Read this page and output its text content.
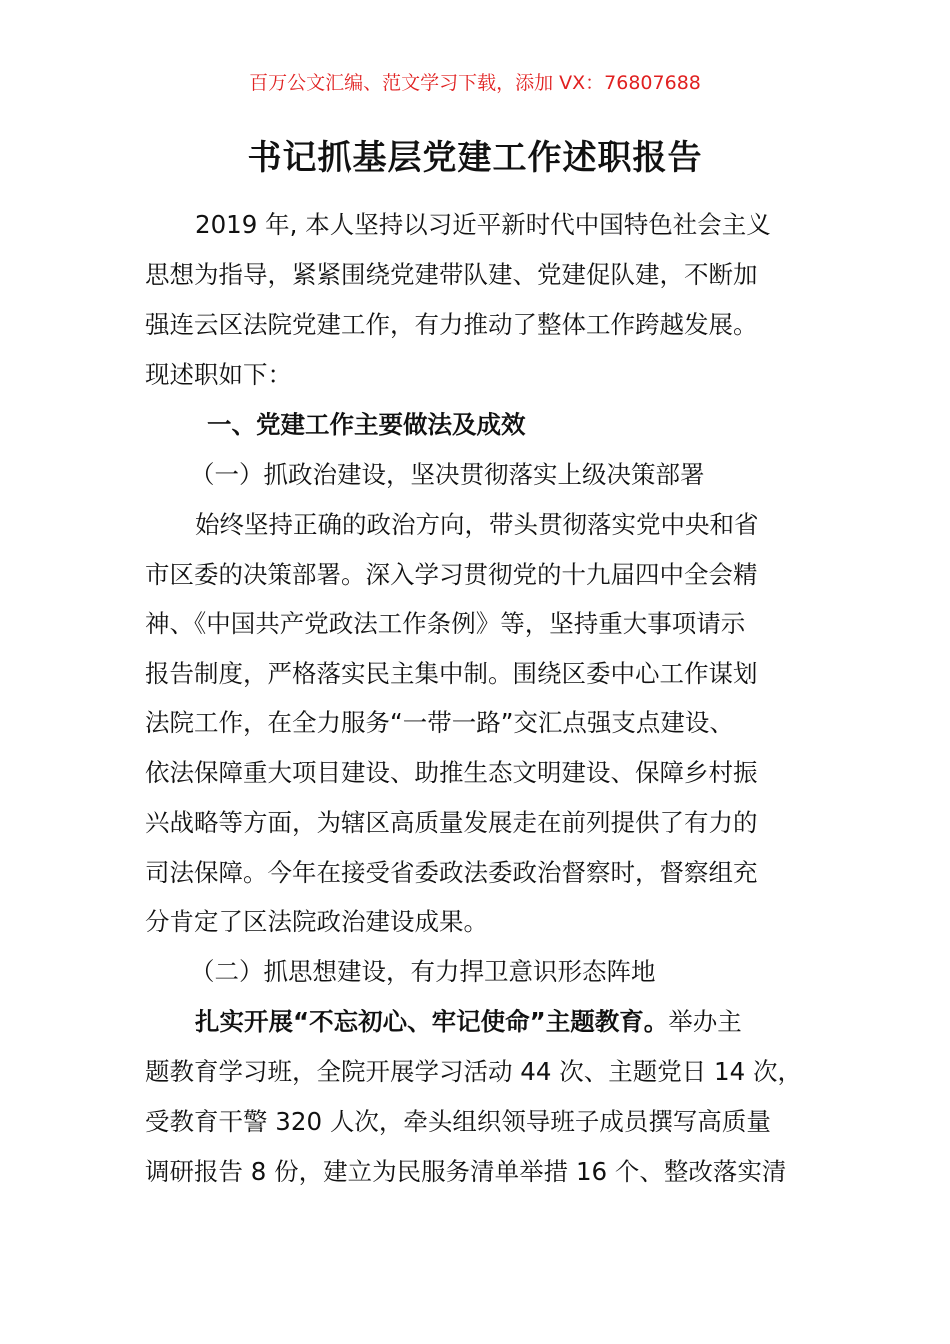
百万公文汇编、范文学习下载，添加 VX：76807688
书记抓基层党建工作述职报告
2019 年, 本人坚持以习近平新时代中国特色社会主义
思想为指导，紧紧围绕党建带队建、党建促队建，不断加
强连云区法院党建工作，有力推动了整体工作跨越发展。
现述职如下：
一、党建工作主要做法及成效
（一）抓政治建设，坚决贯彻落实上级决策部署
始终坚持正确的政治方向，带头贯彻落实党中央和省
市区委的决策部署。深入学习贯彻党的十九届四中全会精
神、《中国共产党政法工作条例》等，坚持重大事项请示
报告制度，严格落实民主集中制。围绕区委中心工作谋划
法院工作，在全力服务“一带一路”交汇点强支点建设、
依法保障重大项目建设、助推生态文明建设、保障乡村振
兴战略等方面，为辖区高质量发展走在前列提供了有力的
司法保障。今年在接受省委政法委政治督察时，督察组充
分肯定了区法院政治建设成果。
（二）抓思想建设，有力捍卫意识形态阵地
扎实开展“不忘初心、牢记使命”主题教育。举办主
题教育学习班，全院开展学习活动 44 次、主题党日 14 次，
受教育干警 320 人次，牵头组织领导班子成员撰写高质量
调研报告 8 份，建立为民服务清单举措 16 个、整改落实清
